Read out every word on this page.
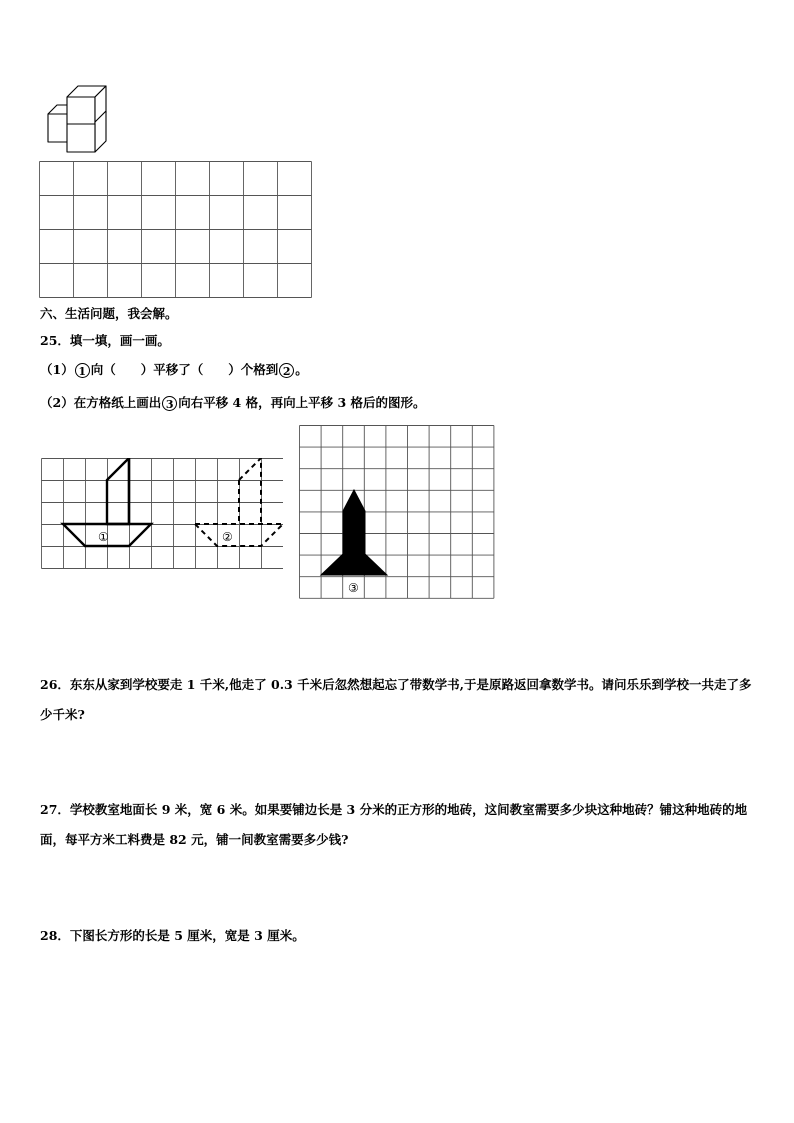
六、生活问题，我会解。
25．填一填，画一画。
（1） 1 向（　　）平移了（　　）个格到 2 。
（2）在方格纸上画出 3 向右平移 4 格，再向上平移 3 格后的图形。
①	②
③
26．东东从家到学校要走 1 千米,他走了 0.3 千米后忽然想起忘了带数学书,于是原路返回拿数学书。请问乐乐到学校一共走了多少千米?
27．学校教室地面长 9 米，宽 6 米。如果要铺边长是 3 分米的正方形的地砖，这间教室需要多少块这种地砖？铺这种地砖的地面，每平方米工料费是 82 元，铺一间教室需要多少钱?
28．下图长方形的长是 5 厘米，宽是 3 厘米。
